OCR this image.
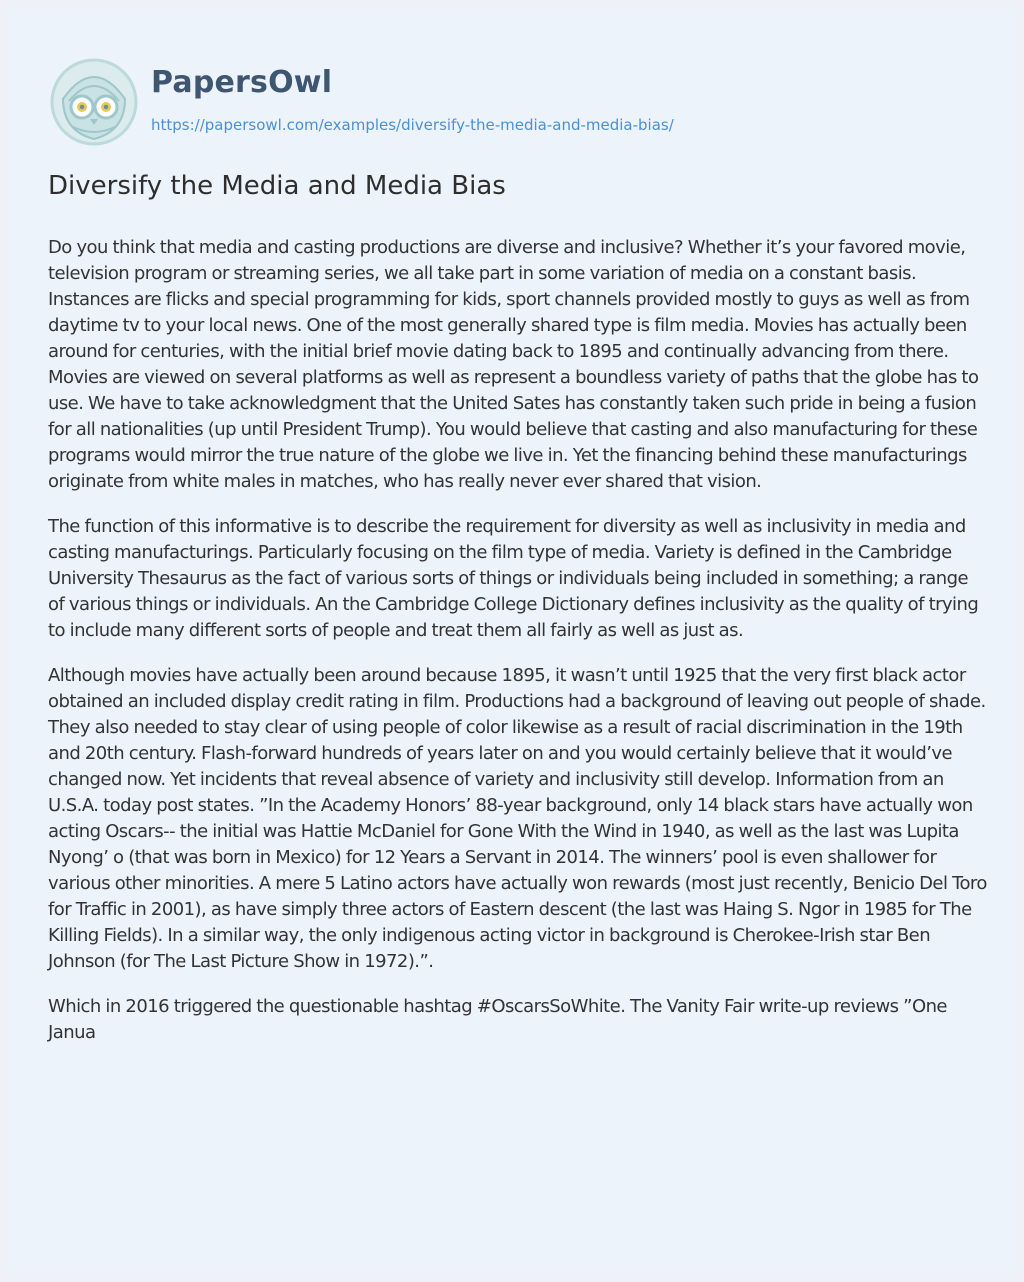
PapersOwl
https://papersowl.com/examples/diversify-the-media-and-media-bias/
Diversify the Media and Media Bias

Do you think that media and casting productions are diverse and inclusive? Whether it’s your favored movie, television program or streaming series, we all take part in some variation of media on a constant basis. Instances are flicks and special programming for kids, sport channels provided mostly to guys as well as from daytime tv to your local news. One of the most generally shared type is film media. Movies has actually been around for centuries, with the initial brief movie dating back to 1895 and continually advancing from there. Movies are viewed on several platforms as well as represent a boundless variety of paths that the globe has to use. We have to take acknowledgment that the United Sates has constantly taken such pride in being a fusion for all nationalities (up until President Trump). You would believe that casting and also manufacturing for these programs would mirror the true nature of the globe we live in. Yet the financing behind these manufacturings originate from white males in matches, who has really never ever shared that vision.

The function of this informative is to describe the requirement for diversity as well as inclusivity in media and casting manufacturings. Particularly focusing on the film type of media. Variety is defined in the Cambridge University Thesaurus as the fact of various sorts of things or individuals being included in something; a range of various things or individuals. An the Cambridge College Dictionary defines inclusivity as the quality of trying to include many different sorts of people and treat them all fairly as well as just as.

Although movies have actually been around because 1895, it wasn’t until 1925 that the very first black actor obtained an included display credit rating in film. Productions had a background of leaving out people of shade. They also needed to stay clear of using people of color likewise as a result of racial discrimination in the 19th and 20th century. Flash-forward hundreds of years later on and you would certainly believe that it would’ve changed now. Yet incidents that reveal absence of variety and inclusivity still develop. Information from an U.S.A. today post states. ”In the Academy Honors’ 88-year background, only 14 black stars have actually won acting Oscars-- the initial was Hattie McDaniel for Gone With the Wind in 1940, as well as the last was Lupita Nyong’ o (that was born in Mexico) for 12 Years a Servant in 2014. The winners’ pool is even shallower for various other minorities. A mere 5 Latino actors have actually won rewards (most just recently, Benicio Del Toro for Traffic in 2001), as have simply three actors of Eastern descent (the last was Haing S. Ngor in 1985 for The Killing Fields). In a similar way, the only indigenous acting victor in background is Cherokee-Irish star Ben Johnson (for The Last Picture Show in 1972).”.

Which in 2016 triggered the questionable hashtag #OscarsSoWhite. The Vanity Fair write-up reviews ”One Janua
